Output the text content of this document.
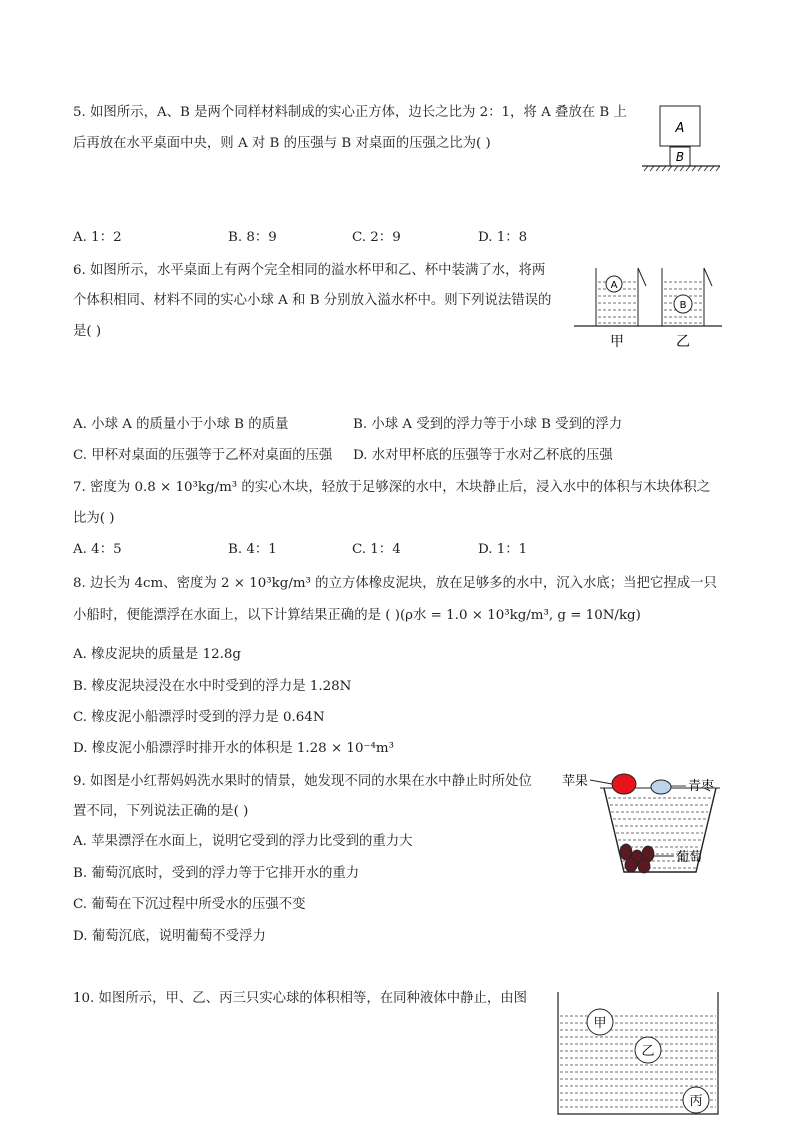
5. 如图所示，A、B 是两个同样材料制成的实心正方体，边长之比为 2：1，将 A 叠放在 B 上
后再放在水平桌面中央，则 A 对 B 的压强与 B 对桌面的压强之比为( )
A
B
A. 1：2	B. 8：9	C. 2：9	D. 1：8
6. 如图所示，水平桌面上有两个完全相同的溢水杯甲和乙、杯中装满了水，将两
个体积相同、材料不同的实心小球 A 和 B 分别放入溢水杯中。则下列说法错误的
是( )
A
B
甲	乙
A. 小球 A 的质量小于小球 B 的质量	B. 小球 A 受到的浮力等于小球 B 受到的浮力
C. 甲杯对桌面的压强等于乙杯对桌面的压强 D. 水对甲杯底的压强等于水对乙杯底的压强
7. 密度为 0.8 × 10³kg/m³ 的实心木块，轻放于足够深的水中，木块静止后，浸入水中的体积与木块体积之
比为( )
A. 4：5	B. 4：1	C. 1：4	D. 1：1
8. 边长为 4cm、密度为 2 × 10³kg/m³ 的立方体橡皮泥块，放在足够多的水中，沉入水底；当把它捏成一只
小船时，便能漂浮在水面上，以下计算结果正确的是 ( )(ρ水 = 1.0 × 10³kg/m³, g = 10N/kg)
A. 橡皮泥块的质量是 12.8g
B. 橡皮泥块浸没在水中时受到的浮力是 1.28N
C. 橡皮泥小船漂浮时受到的浮力是 0.64N
D. 橡皮泥小船漂浮时排开水的体积是 1.28 × 10⁻⁴m³
9. 如图是小红帮妈妈洗水果时的情景，她发现不同的水果在水中静止时所处位
置不同，下列说法正确的是( )
A. 苹果漂浮在水面上，说明它受到的浮力比受到的重力大
B. 葡萄沉底时，受到的浮力等于它排开水的重力
C. 葡萄在下沉过程中所受水的压强不变
D. 葡萄沉底，说明葡萄不受浮力
苹果	青枣
葡萄
10. 如图所示，甲、乙、丙三只实心球的体积相等，在同种液体中静止，由图
甲
乙
丙
